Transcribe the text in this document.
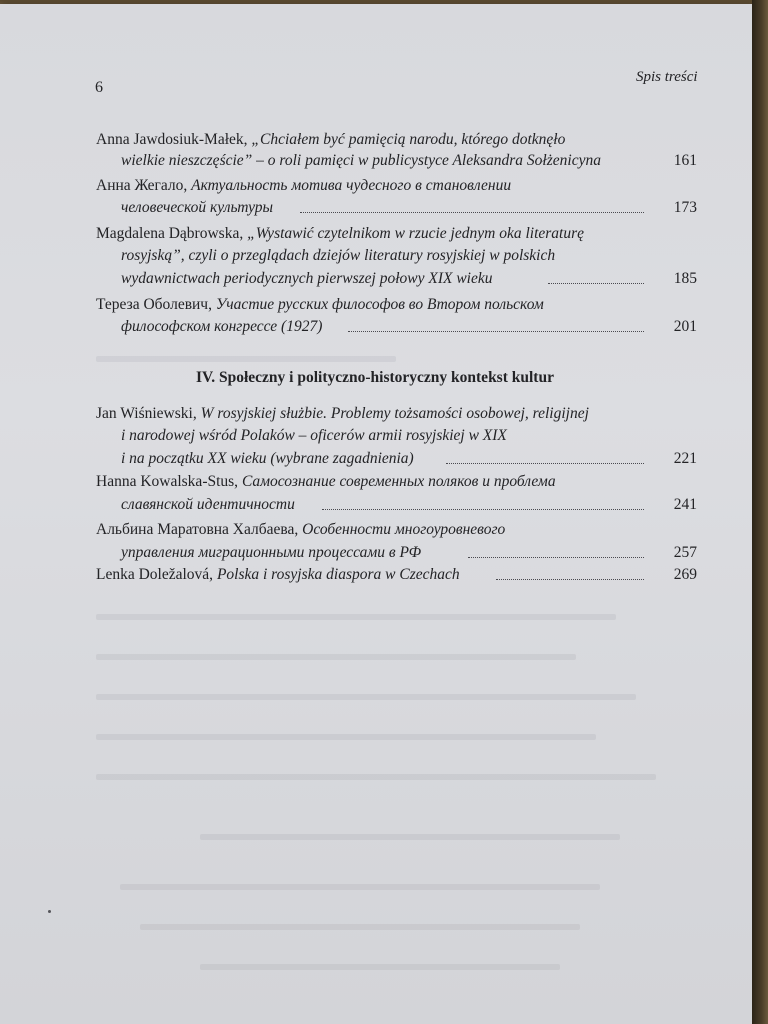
6
Spis treści
Anna Jawdosiuk-Małek, „Chciałem być pamięcią narodu, którego dotknęło
wielkie nieszczęście” – o roli pamięci w publicystyce Aleksandra Sołżenicyna	161
Анна Жегало, Актуальность мотива чудесного в становлении
человеческой культуры	173
Magdalena Dąbrowska, „Wystawić czytelnikom w rzucie jednym oka literaturę
rosyjską”, czyli o przeglądach dziejów literatury rosyjskiej w polskich
wydawnictwach periodycznych pierwszej połowy XIX wieku	185
Тереза Оболевич, Участие русских философов во Втором польском
философском конгрессе (1927)	201
IV. Społeczny i polityczno-historyczny kontekst kultur
Jan Wiśniewski, W rosyjskiej służbie. Problemy tożsamości osobowej, religijnej
i narodowej wśród Polaków – oficerów armii rosyjskiej w XIX
i na początku XX wieku (wybrane zagadnienia)	221
Hanna Kowalska-Stus, Самосознание современных поляков и проблема
славянской идентичности	241
Альбина Маратовна Халбаева, Особенности многоуровневого
управления миграционными процессами в РФ	257
Lenka Doležalová, Polska i rosyjska diaspora w Czechach	269
